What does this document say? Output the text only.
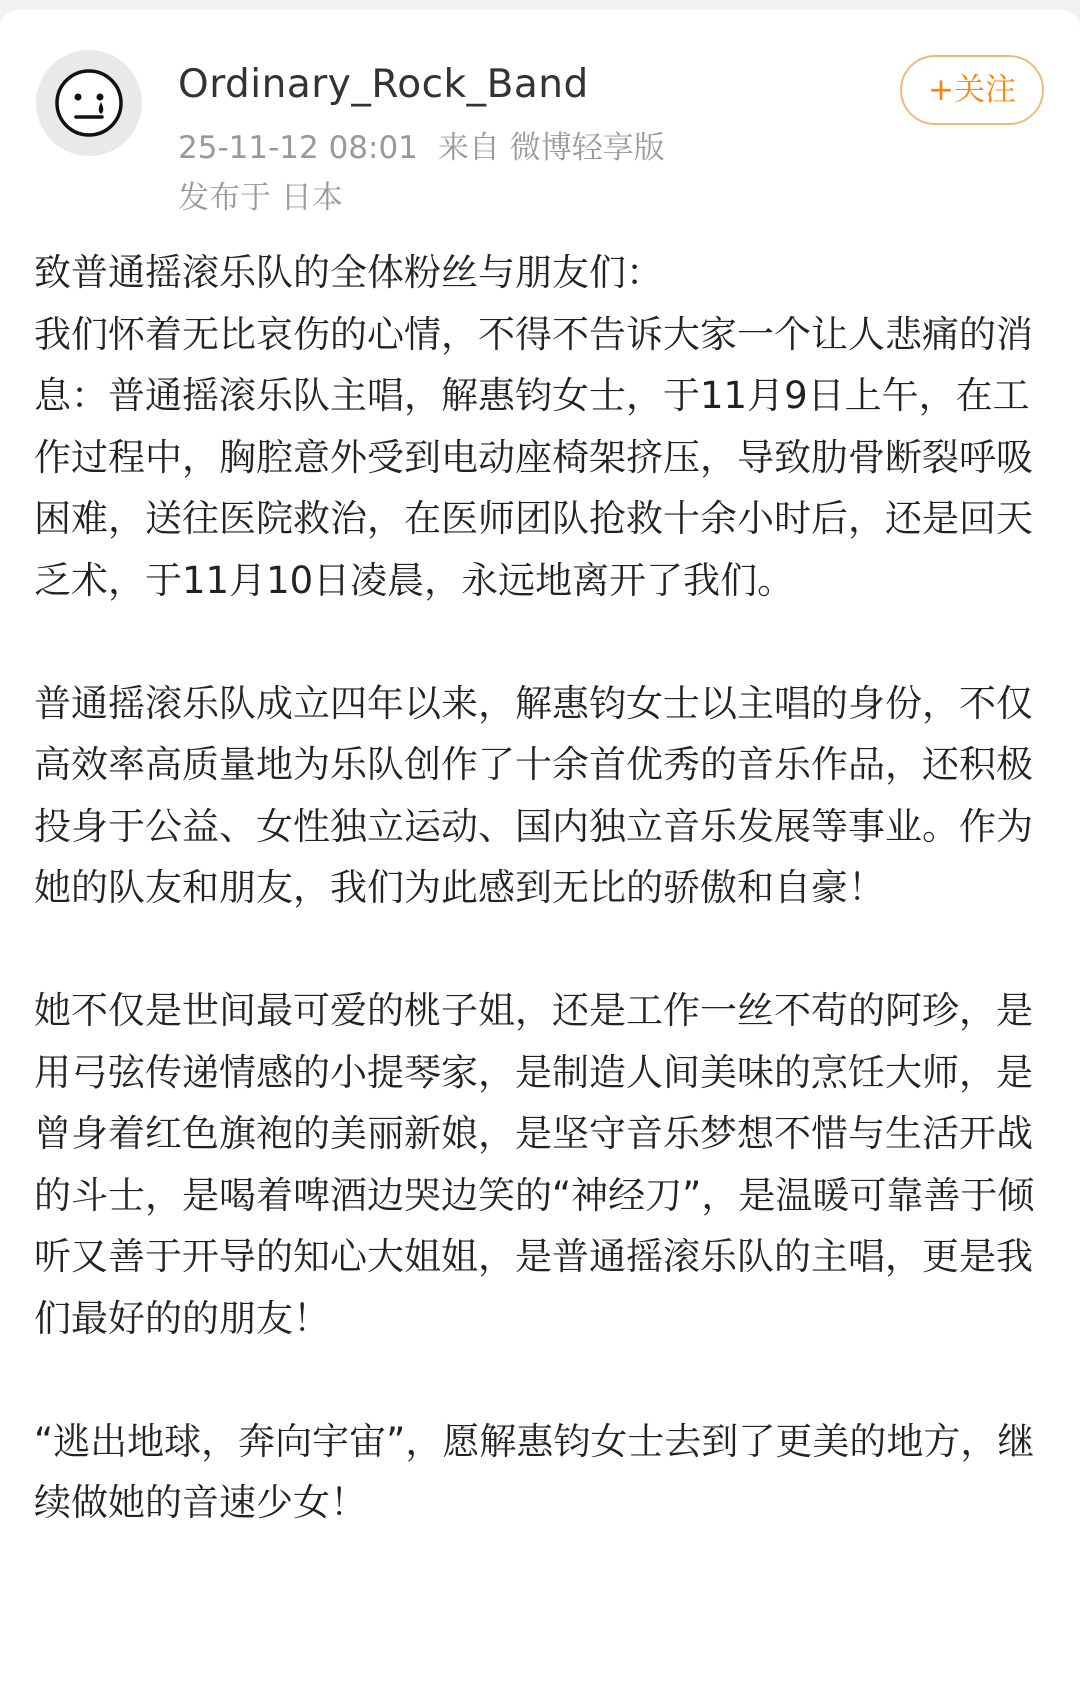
Ordinary_Rock_Band
25-11-12 08:01 来自 微博轻享版
发布于 日本
+关注

致普通摇滚乐队的全体粉丝与朋友们：

我们怀着无比哀伤的心情，不得不告诉大家一个让人悲痛的消息：普通摇滚乐队主唱，解惠钧女士，于11月9日上午，在工作过程中，胸腔意外受到电动座椅架挤压，导致肋骨断裂呼吸困难，送往医院救治，在医师团队抢救十余小时后，还是回天乏术，于11月10日凌晨，永远地离开了我们。

普通摇滚乐队成立四年以来，解惠钧女士以主唱的身份，不仅高效率高质量地为乐队创作了十余首优秀的音乐作品，还积极投身于公益、女性独立运动、国内独立音乐发展等事业。作为她的队友和朋友，我们为此感到无比的骄傲和自豪！

她不仅是世间最可爱的桃子姐，还是工作一丝不苟的阿珍，是用弓弦传递情感的小提琴家，是制造人间美味的烹饪大师，是曾身着红色旗袍的美丽新娘，是坚守音乐梦想不惜与生活开战的斗士，是喝着啤酒边哭边笑的“神经刀”，是温暖可靠善于倾听又善于开导的知心大姐姐，是普通摇滚乐队的主唱，更是我们最好的的朋友！

“逃出地球，奔向宇宙”，愿解惠钧女士去到了更美的地方，继续做她的音速少女！
